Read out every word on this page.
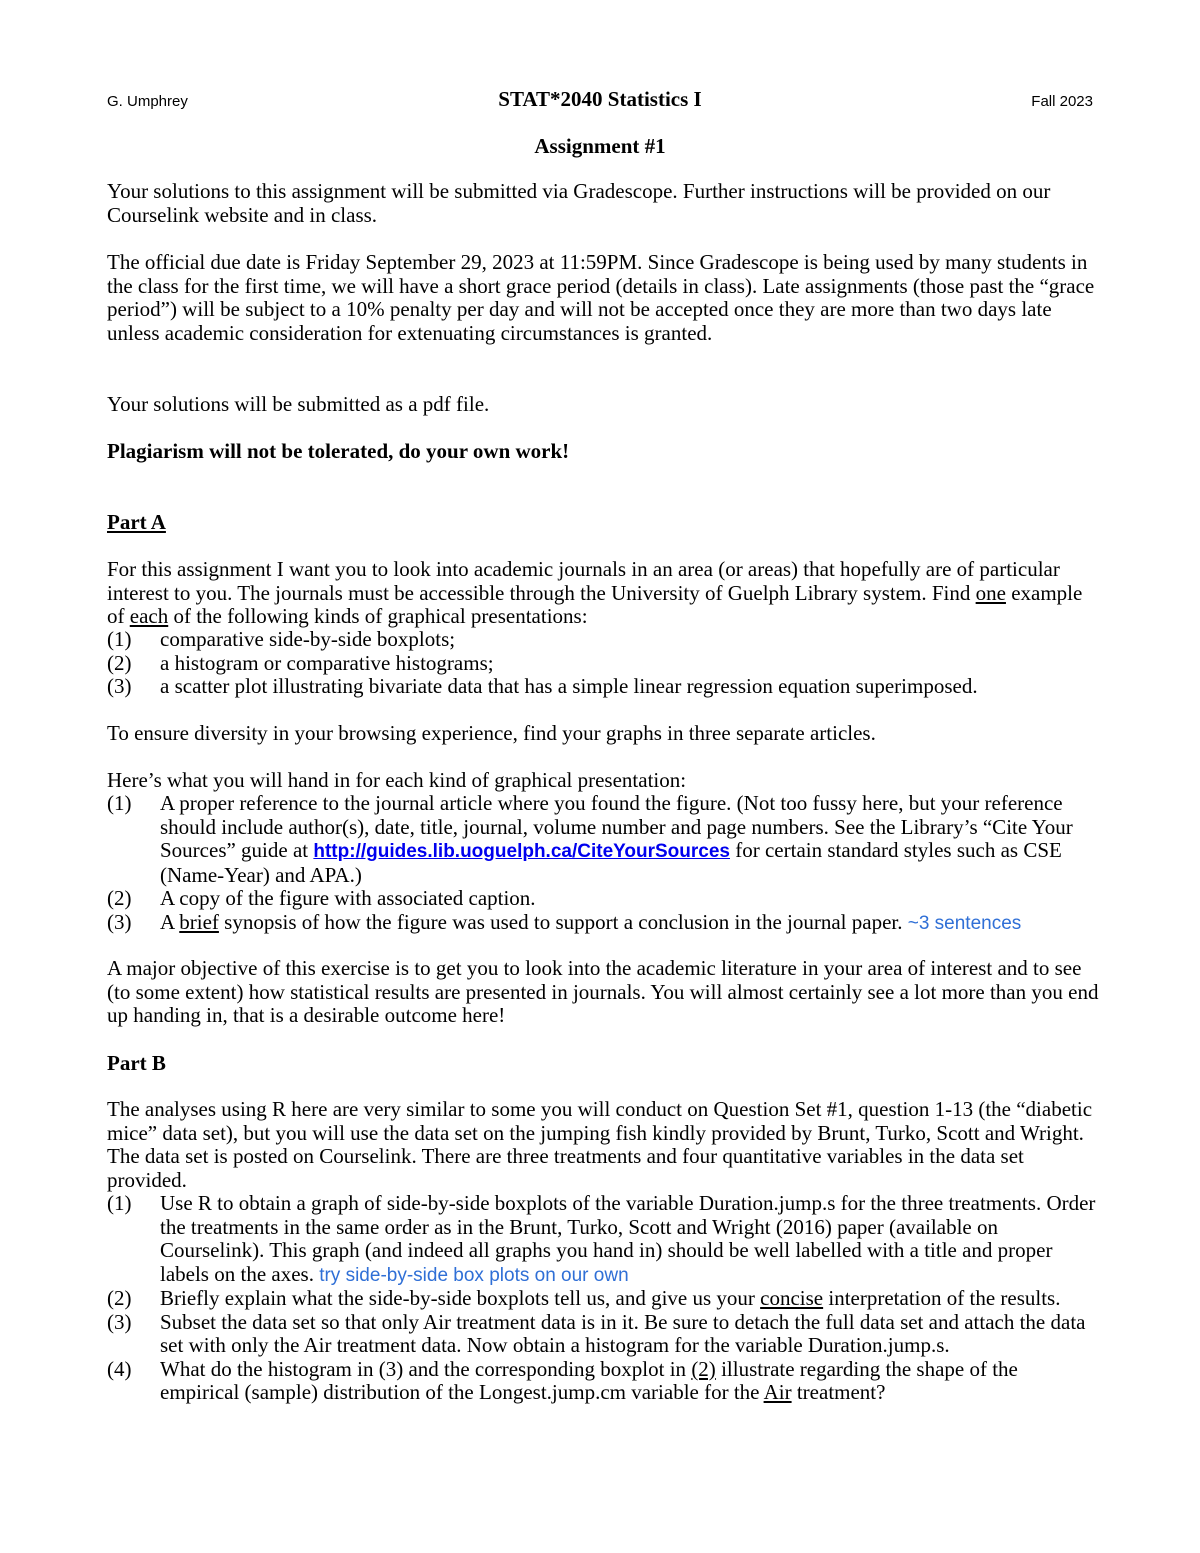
G. Umphrey	STAT*2040 Statistics I	Fall 2023
Assignment #1

Your solutions to this assignment will be submitted via Gradescope. Further instructions will be provided on our Courselink website and in class.

The official due date is Friday September 29, 2023 at 11:59PM. Since Gradescope is being used by many students in the class for the first time, we will have a short grace period (details in class). Late assignments (those past the “grace period”) will be subject to a 10% penalty per day and will not be accepted once they are more than two days late unless academic consideration for extenuating circumstances is granted.

Your solutions will be submitted as a pdf file.

Plagiarism will not be tolerated, do your own work!

Part A

For this assignment I want you to look into academic journals in an area (or areas) that hopefully are of particular interest to you. The journals must be accessible through the University of Guelph Library system. Find one example of each of the following kinds of graphical presentations:

(1) comparative side-by-side boxplots;
(2) a histogram or comparative histograms;
(3) a scatter plot illustrating bivariate data that has a simple linear regression equation superimposed.

To ensure diversity in your browsing experience, find your graphs in three separate articles.

Here’s what you will hand in for each kind of graphical presentation:

(1) A proper reference to the journal article where you found the figure. (Not too fussy here, but your reference should include author(s), date, title, journal, volume number and page numbers. See the Library’s “Cite Your Sources” guide at http://guides.lib.uoguelph.ca/CiteYourSources for certain standard styles such as CSE (Name-Year) and APA.)
(2) A copy of the figure with associated caption.
(3) A brief synopsis of how the figure was used to support a conclusion in the journal paper. ~3 sentences

A major objective of this exercise is to get you to look into the academic literature in your area of interest and to see (to some extent) how statistical results are presented in journals. You will almost certainly see a lot more than you end up handing in, that is a desirable outcome here!

Part B

The analyses using R here are very similar to some you will conduct on Question Set #1, question 1-13 (the “diabetic mice” data set), but you will use the data set on the jumping fish kindly provided by Brunt, Turko, Scott and Wright. The data set is posted on Courselink. There are three treatments and four quantitative variables in the data set provided.

(1) Use R to obtain a graph of side-by-side boxplots of the variable Duration.jump.s for the three treatments. Order the treatments in the same order as in the Brunt, Turko, Scott and Wright (2016) paper (available on Courselink). This graph (and indeed all graphs you hand in) should be well labelled with a title and proper labels on the axes. try side-by-side box plots on our own
(2) Briefly explain what the side-by-side boxplots tell us, and give us your concise interpretation of the results.
(3) Subset the data set so that only Air treatment data is in it. Be sure to detach the full data set and attach the data set with only the Air treatment data. Now obtain a histogram for the variable Duration.jump.s.
(4) What do the histogram in (3) and the corresponding boxplot in (2) illustrate regarding the shape of the empirical (sample) distribution of the Longest.jump.cm variable for the Air treatment?
